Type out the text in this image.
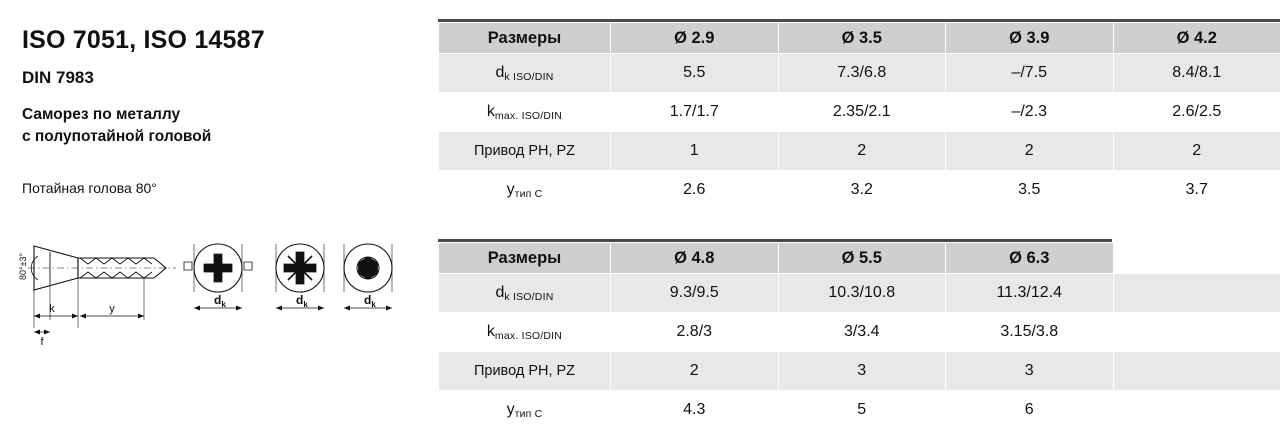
ISO 7051, ISO 14587
DIN 7983
Саморез по металлу
с полупотайной головой
Потайная голова 80°
80°±3°
k
f
y
$d_k$	$d_k$	$d_k$
Размеры	Ø 2.9	Ø 3.5	Ø 3.9	Ø 4.2
dk ISO/DIN	5.5	7.3/6.8	–/7.5	8.4/8.1
kmax. ISO/DIN	1.7/1.7	2.35/2.1	–/2.3	2.6/2.5
Привод PH, PZ	1	2	2	2
yтип С	2.6	3.2	3.5	3.7
Размеры	Ø 4.8	Ø 5.5	Ø 6.3	
dk ISO/DIN	9.3/9.5	10.3/10.8	11.3/12.4	
kmax. ISO/DIN	2.8/3	3/3.4	3.15/3.8	
Привод PH, PZ	2	3	3	
yтип С	4.3	5	6	
